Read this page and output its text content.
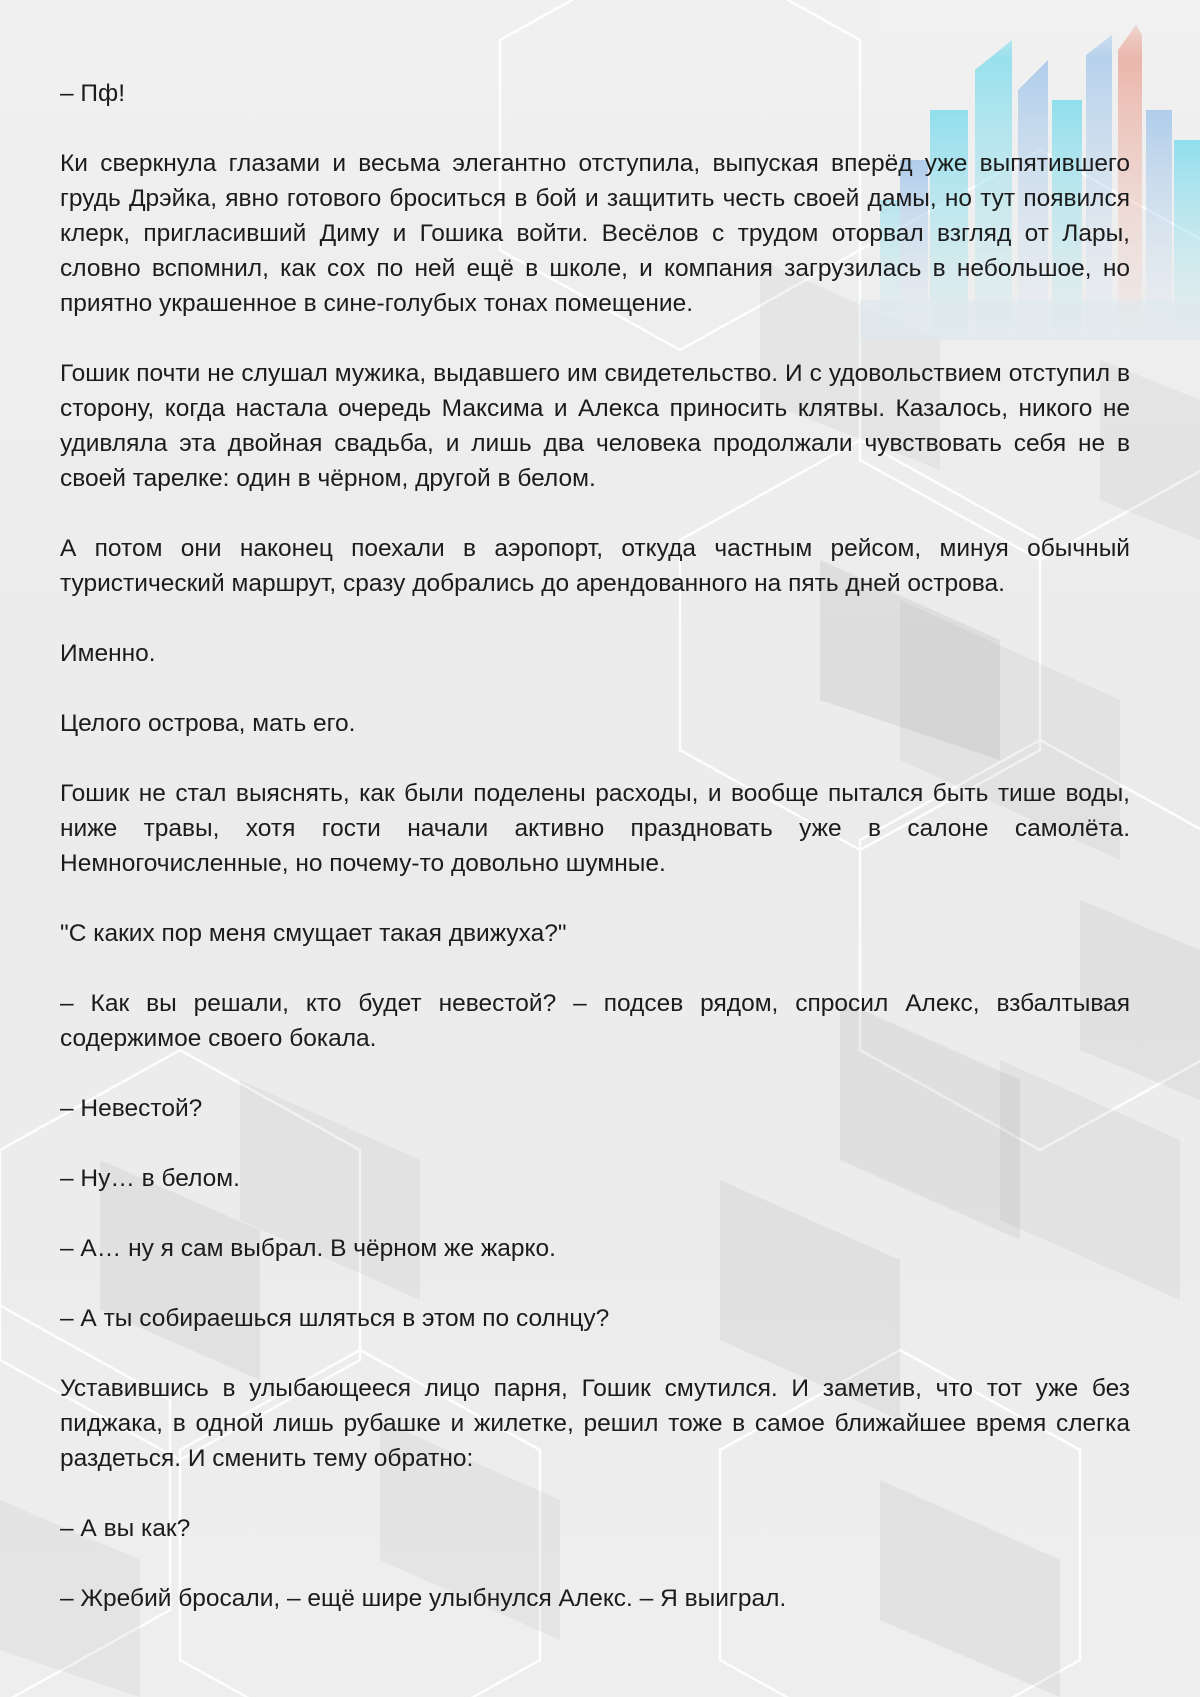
– Пф!

Ки сверкнула глазами и весьма элегантно отступила, выпуская вперёд уже выпятившего грудь Дрэйка, явно готового броситься в бой и защитить честь своей дамы, но тут появился клерк, пригласивший Диму и Гошика войти. Весёлов с трудом оторвал взгляд от Лары, словно вспомнил, как сох по ней ещё в школе, и компания загрузилась в небольшое, но приятно украшенное в сине-голубых тонах помещение.

Гошик почти не слушал мужика, выдавшего им свидетельство. И с удовольствием отступил в сторону, когда настала очередь Максима и Алекса приносить клятвы. Казалось, никого не удивляла эта двойная свадьба, и лишь два человека продолжали чувствовать себя не в своей тарелке: один в чёрном, другой в белом.

А потом они наконец поехали в аэропорт, откуда частным рейсом, минуя обычный туристический маршрут, сразу добрались до арендованного на пять дней острова.

Именно.

Целого острова, мать его.

Гошик не стал выяснять, как были поделены расходы, и вообще пытался быть тише воды, ниже травы, хотя гости начали активно праздновать уже в салоне самолёта. Немногочисленные, но почему-то довольно шумные.

"С каких пор меня смущает такая движуха?"

– Как вы решали, кто будет невестой? – подсев рядом, спросил Алекс, взбалтывая содержимое своего бокала.

– Невестой?

– Ну… в белом.

– А… ну я сам выбрал. В чёрном же жарко.

– А ты собираешься шляться в этом по солнцу?

Уставившись в улыбающееся лицо парня, Гошик смутился. И заметив, что тот уже без пиджака, в одной лишь рубашке и жилетке, решил тоже в самое ближайшее время слегка раздеться. И сменить тему обратно:

– А вы как?

– Жребий бросали, – ещё шире улыбнулся Алекс. – Я выиграл.
